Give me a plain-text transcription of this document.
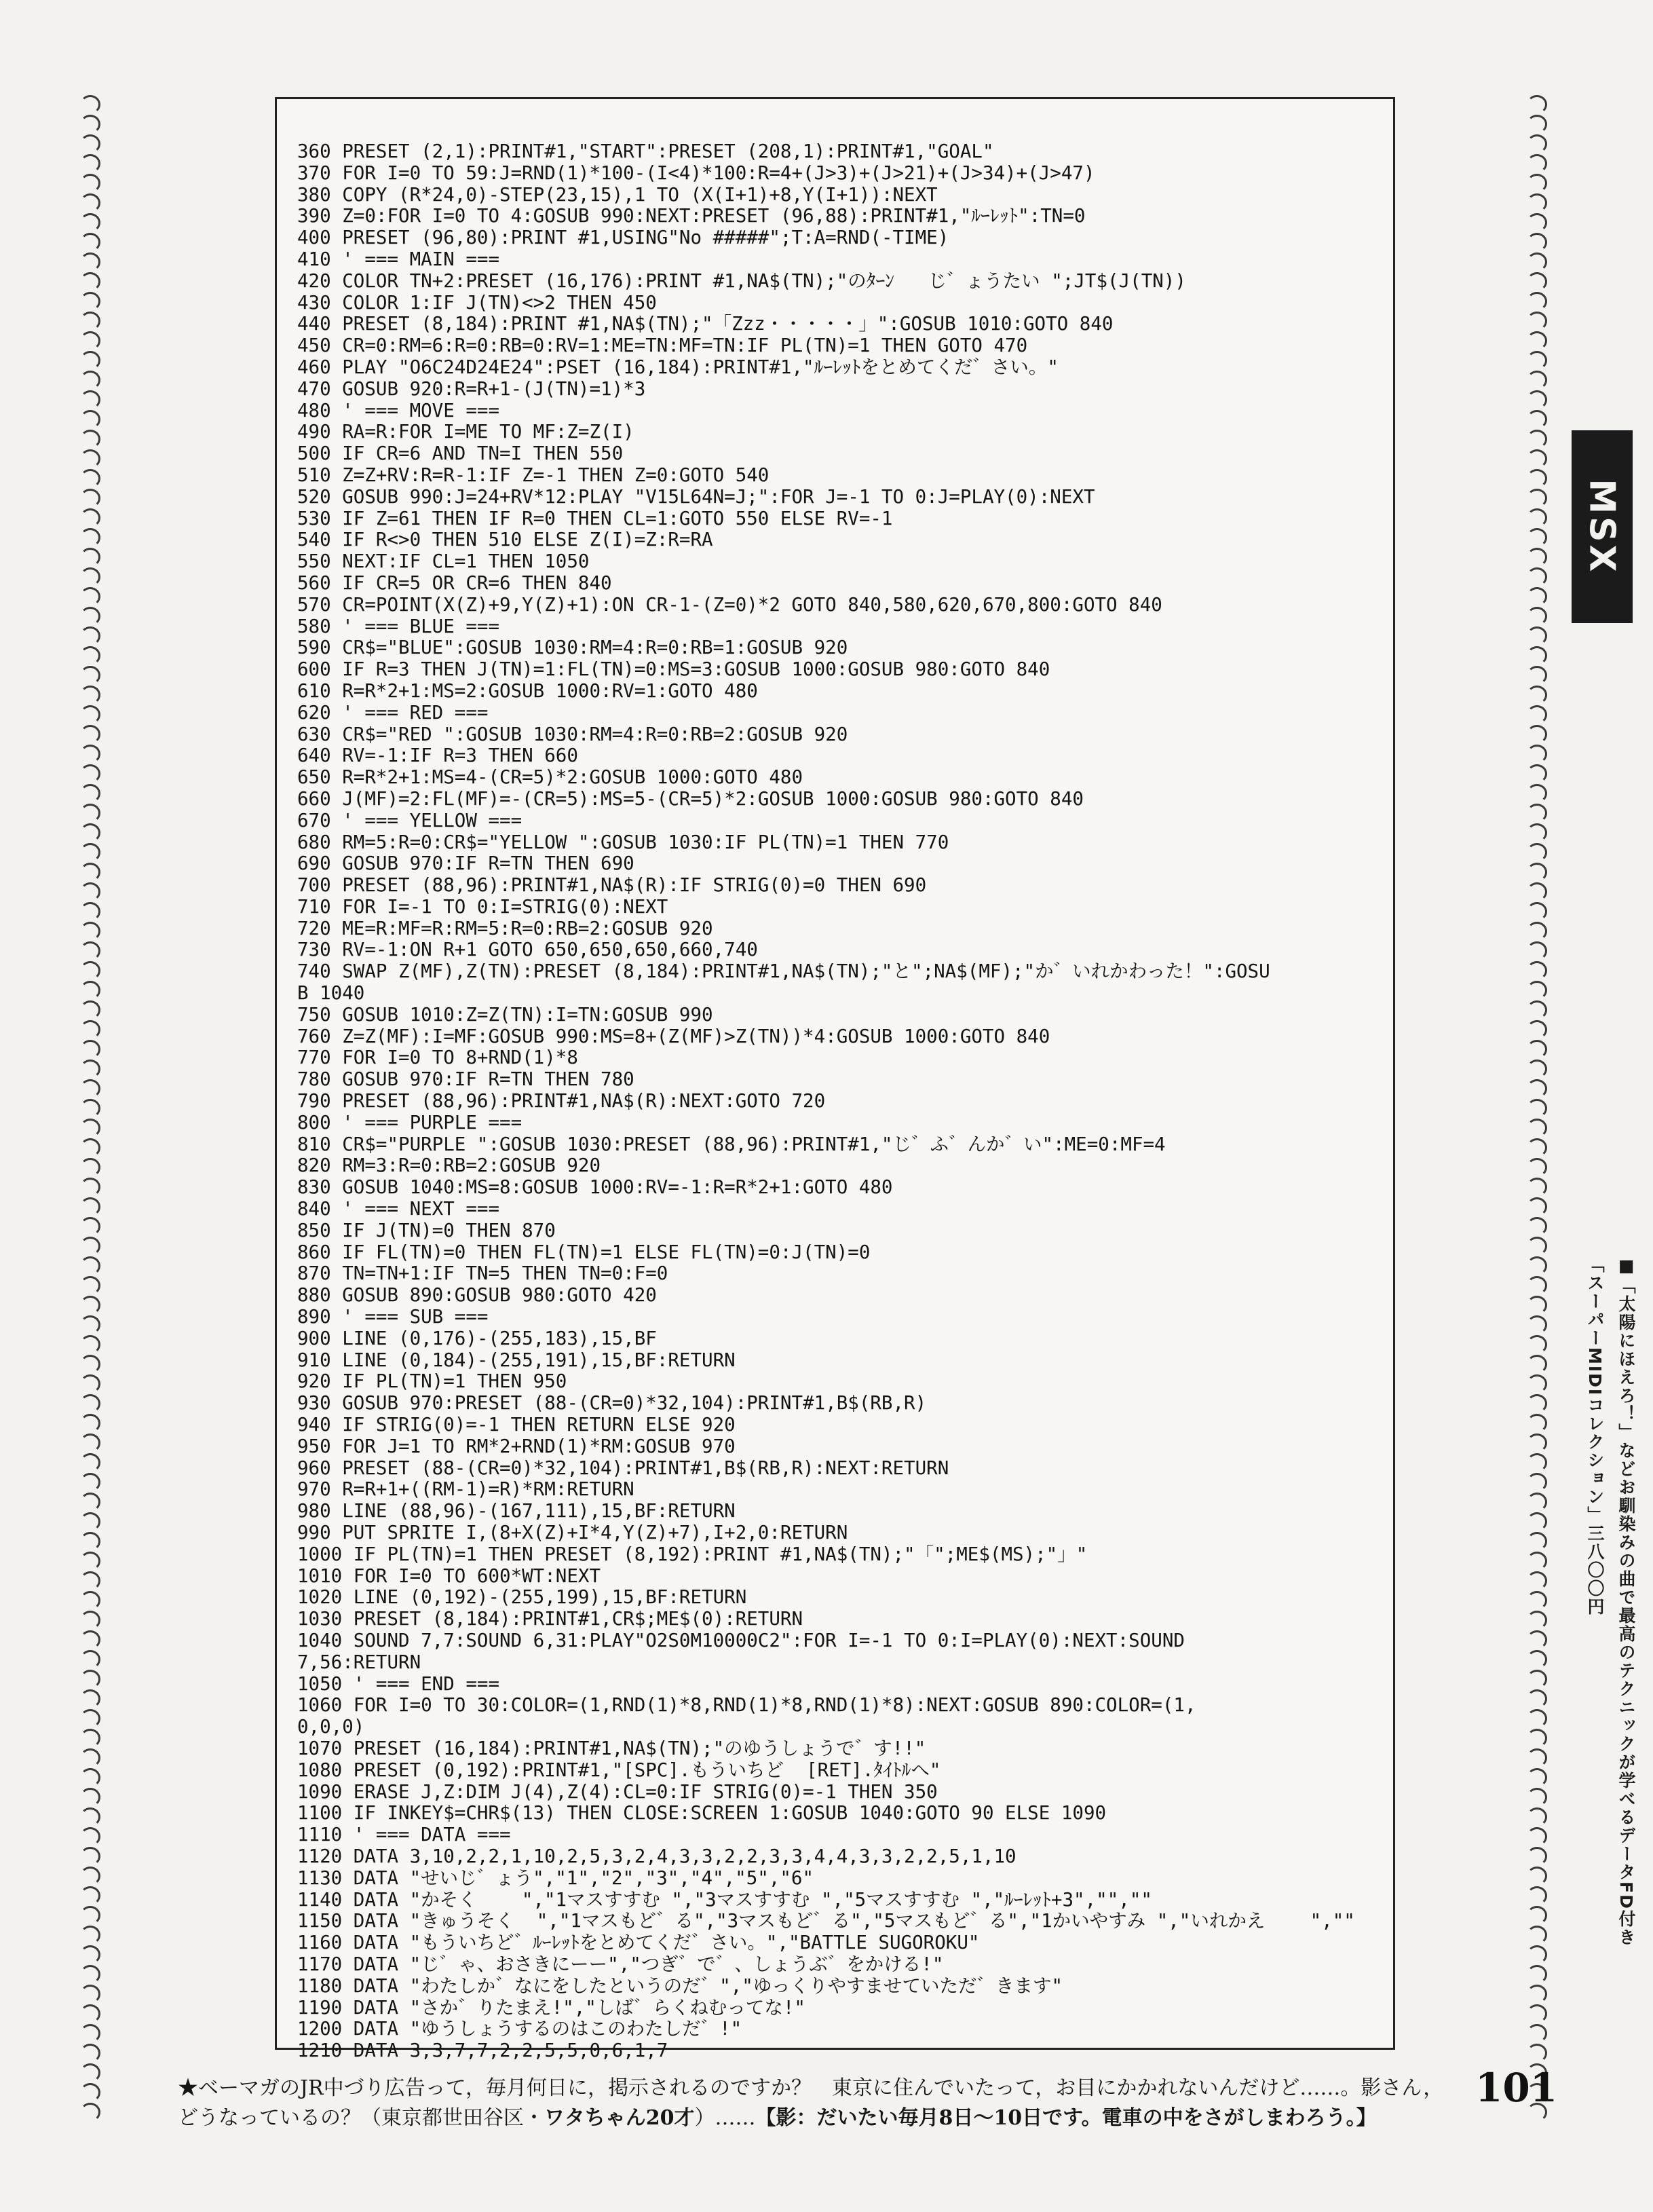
360 PRESET (2,1):PRINT#1,"START":PRESET (208,1):PRINT#1,"GOAL"
370 FOR I=0 TO 59:J=RND(1)*100-(I<4)*100:R=4+(J>3)+(J>21)+(J>34)+(J>47)
380 COPY (R*24,0)-STEP(23,15),1 TO (X(I+1)+8,Y(I+1)):NEXT
390 Z=0:FOR I=0 TO 4:GOSUB 990:NEXT:PRESET (96,88):PRINT#1,"ﾙｰﾚｯﾄ":TN=0
400 PRESET (96,80):PRINT #1,USING"No #####";T:A=RND(-TIME)
410 ' === MAIN ===
420 COLOR TN+2:PRESET (16,176):PRINT #1,NA$(TN);"のﾀｰﾝ   じ゛ょうたい ";JT$(J(TN))
430 COLOR 1:IF J(TN)<>2 THEN 450
440 PRESET (8,184):PRINT #1,NA$(TN);"「Zzz・・・・・」":GOSUB 1010:GOTO 840
450 CR=0:RM=6:R=0:RB=0:RV=1:ME=TN:MF=TN:IF PL(TN)=1 THEN GOTO 470
460 PLAY "O6C24D24E24":PSET (16,184):PRINT#1,"ﾙｰﾚｯﾄをとめてくだ゛さい。"
470 GOSUB 920:R=R+1-(J(TN)=1)*3
480 ' === MOVE ===
490 RA=R:FOR I=ME TO MF:Z=Z(I)
500 IF CR=6 AND TN=I THEN 550
510 Z=Z+RV:R=R-1:IF Z=-1 THEN Z=0:GOTO 540
520 GOSUB 990:J=24+RV*12:PLAY "V15L64N=J;":FOR J=-1 TO 0:J=PLAY(0):NEXT
530 IF Z=61 THEN IF R=0 THEN CL=1:GOTO 550 ELSE RV=-1
540 IF R<>0 THEN 510 ELSE Z(I)=Z:R=RA
550 NEXT:IF CL=1 THEN 1050
560 IF CR=5 OR CR=6 THEN 840
570 CR=POINT(X(Z)+9,Y(Z)+1):ON CR-1-(Z=0)*2 GOTO 840,580,620,670,800:GOTO 840
580 ' === BLUE ===
590 CR$="BLUE":GOSUB 1030:RM=4:R=0:RB=1:GOSUB 920
600 IF R=3 THEN J(TN)=1:FL(TN)=0:MS=3:GOSUB 1000:GOSUB 980:GOTO 840
610 R=R*2+1:MS=2:GOSUB 1000:RV=1:GOTO 480
620 ' === RED ===
630 CR$="RED ":GOSUB 1030:RM=4:R=0:RB=2:GOSUB 920
640 RV=-1:IF R=3 THEN 660
650 R=R*2+1:MS=4-(CR=5)*2:GOSUB 1000:GOTO 480
660 J(MF)=2:FL(MF)=-(CR=5):MS=5-(CR=5)*2:GOSUB 1000:GOSUB 980:GOTO 840
670 ' === YELLOW ===
680 RM=5:R=0:CR$="YELLOW ":GOSUB 1030:IF PL(TN)=1 THEN 770
690 GOSUB 970:IF R=TN THEN 690
700 PRESET (88,96):PRINT#1,NA$(R):IF STRIG(0)=0 THEN 690
710 FOR I=-1 TO 0:I=STRIG(0):NEXT
720 ME=R:MF=R:RM=5:R=0:RB=2:GOSUB 920
730 RV=-1:ON R+1 GOTO 650,650,650,660,740
740 SWAP Z(MF),Z(TN):PRESET (8,184):PRINT#1,NA$(TN);"と";NA$(MF);"か゛いれかわった！":GOSU
B 1040
750 GOSUB 1010:Z=Z(TN):I=TN:GOSUB 990
760 Z=Z(MF):I=MF:GOSUB 990:MS=8+(Z(MF)>Z(TN))*4:GOSUB 1000:GOTO 840
770 FOR I=0 TO 8+RND(1)*8
780 GOSUB 970:IF R=TN THEN 780
790 PRESET (88,96):PRINT#1,NA$(R):NEXT:GOTO 720
800 ' === PURPLE ===
810 CR$="PURPLE ":GOSUB 1030:PRESET (88,96):PRINT#1,"じ゛ふ゛んか゛い":ME=0:MF=4
820 RM=3:R=0:RB=2:GOSUB 920
830 GOSUB 1040:MS=8:GOSUB 1000:RV=-1:R=R*2+1:GOTO 480
840 ' === NEXT ===
850 IF J(TN)=0 THEN 870
860 IF FL(TN)=0 THEN FL(TN)=1 ELSE FL(TN)=0:J(TN)=0
870 TN=TN+1:IF TN=5 THEN TN=0:F=0
880 GOSUB 890:GOSUB 980:GOTO 420
890 ' === SUB ===
900 LINE (0,176)-(255,183),15,BF
910 LINE (0,184)-(255,191),15,BF:RETURN
920 IF PL(TN)=1 THEN 950
930 GOSUB 970:PRESET (88-(CR=0)*32,104):PRINT#1,B$(RB,R)
940 IF STRIG(0)=-1 THEN RETURN ELSE 920
950 FOR J=1 TO RM*2+RND(1)*RM:GOSUB 970
960 PRESET (88-(CR=0)*32,104):PRINT#1,B$(RB,R):NEXT:RETURN
970 R=R+1+((RM-1)=R)*RM:RETURN
980 LINE (88,96)-(167,111),15,BF:RETURN
990 PUT SPRITE I,(8+X(Z)+I*4,Y(Z)+7),I+2,0:RETURN
1000 IF PL(TN)=1 THEN PRESET (8,192):PRINT #1,NA$(TN);"「";ME$(MS);"」"
1010 FOR I=0 TO 600*WT:NEXT
1020 LINE (0,192)-(255,199),15,BF:RETURN
1030 PRESET (8,184):PRINT#1,CR$;ME$(0):RETURN
1040 SOUND 7,7:SOUND 6,31:PLAY"O2S0M10000C2":FOR I=-1 TO 0:I=PLAY(0):NEXT:SOUND
7,56:RETURN
1050 ' === END ===
1060 FOR I=0 TO 30:COLOR=(1,RND(1)*8,RND(1)*8,RND(1)*8):NEXT:GOSUB 890:COLOR=(1,
0,0,0)
1070 PRESET (16,184):PRINT#1,NA$(TN);"のゆうしょうで゛す!!"
1080 PRESET (0,192):PRINT#1,"[SPC].もういちど  [RET].ﾀｲﾄﾙへ"
1090 ERASE J,Z:DIM J(4),Z(4):CL=0:IF STRIG(0)=-1 THEN 350
1100 IF INKEY$=CHR$(13) THEN CLOSE:SCREEN 1:GOSUB 1040:GOTO 90 ELSE 1090
1110 ' === DATA ===
1120 DATA 3,10,2,2,1,10,2,5,3,2,4,3,3,2,2,3,3,4,4,3,3,2,2,5,1,10
1130 DATA "せいじ゛ょう","1","2","3","4","5","6"
1140 DATA "かそく    ","1マスすすむ ","3マスすすむ ","5マスすすむ ","ﾙｰﾚｯﾄ+3","",""
1150 DATA "きゅうそく  ","1マスもど゛る","3マスもど゛る","5マスもど゛る","1かいやすみ ","いれかえ    ",""
1160 DATA "もういちど゛ﾙｰﾚｯﾄをとめてくだ゛さい。","BATTLE SUGOROKU"
1170 DATA "じ゛ゃ、おさきにーー","つぎ゛で゛、しょうぶ゛をかける!"
1180 DATA "わたしか゛なにをしたというのだ゛","ゆっくりやすませていただ゛きます"
1190 DATA "さか゛りたまえ!","しば゛らくねむってな!"
1200 DATA "ゆうしょうするのはこのわたしだ゛!"
1210 DATA 3,3,7,7,2,2,5,5,0,6,1,7
MSX
■「太陽にほえろ！」などお馴染みの曲で最高のテクニックが学べるデータFD付き
「スーパーMIDIコレクション」三八〇〇円
★ベーマガのJR中づり広告って，毎月何日に，掲示されるのですか？　東京に住んでいたって，お目にかかれないんだけど……。影さん，どうなっているの？（東京都世田谷区・ワタちゃん20才）……【影：だいたい毎月8日～10日です。電車の中をさがしまわろう。】
101
